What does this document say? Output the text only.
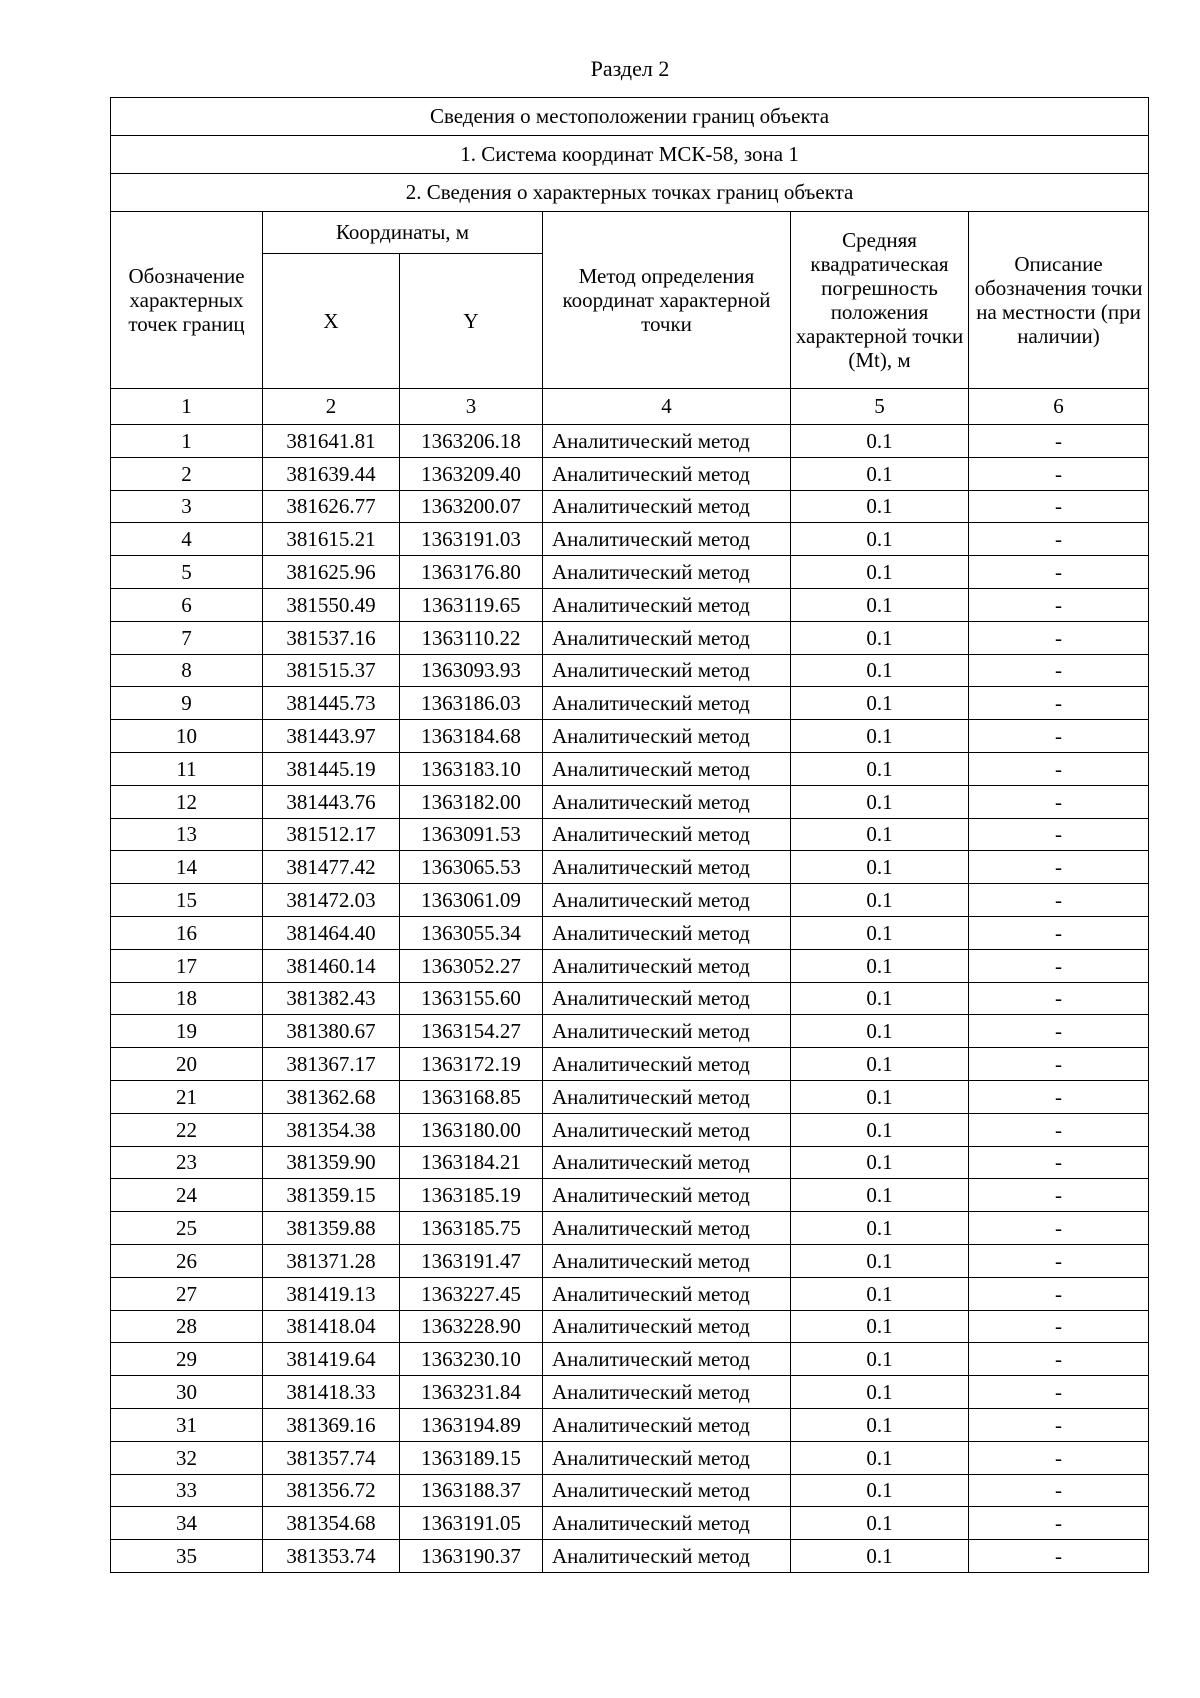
Раздел 2
Сведения о местоположении границ объекта					
1. Система координат МСК-58, зона 1					
2. Сведения о характерных точках границ объекта					
Обозначение характерных точек границ	Координаты, м		Метод определения координат характерной точки	Средняя квадратическая погрешность положения характерной точки (Mt), м	Описание обозначения точки на местности (при наличии)
	X	Y			
1	2	3	4	5	6
1	381641.81	1363206.18	Аналитический метод	0.1	-
2	381639.44	1363209.40	Аналитический метод	0.1	-
3	381626.77	1363200.07	Аналитический метод	0.1	-
4	381615.21	1363191.03	Аналитический метод	0.1	-
5	381625.96	1363176.80	Аналитический метод	0.1	-
6	381550.49	1363119.65	Аналитический метод	0.1	-
7	381537.16	1363110.22	Аналитический метод	0.1	-
8	381515.37	1363093.93	Аналитический метод	0.1	-
9	381445.73	1363186.03	Аналитический метод	0.1	-
10	381443.97	1363184.68	Аналитический метод	0.1	-
11	381445.19	1363183.10	Аналитический метод	0.1	-
12	381443.76	1363182.00	Аналитический метод	0.1	-
13	381512.17	1363091.53	Аналитический метод	0.1	-
14	381477.42	1363065.53	Аналитический метод	0.1	-
15	381472.03	1363061.09	Аналитический метод	0.1	-
16	381464.40	1363055.34	Аналитический метод	0.1	-
17	381460.14	1363052.27	Аналитический метод	0.1	-
18	381382.43	1363155.60	Аналитический метод	0.1	-
19	381380.67	1363154.27	Аналитический метод	0.1	-
20	381367.17	1363172.19	Аналитический метод	0.1	-
21	381362.68	1363168.85	Аналитический метод	0.1	-
22	381354.38	1363180.00	Аналитический метод	0.1	-
23	381359.90	1363184.21	Аналитический метод	0.1	-
24	381359.15	1363185.19	Аналитический метод	0.1	-
25	381359.88	1363185.75	Аналитический метод	0.1	-
26	381371.28	1363191.47	Аналитический метод	0.1	-
27	381419.13	1363227.45	Аналитический метод	0.1	-
28	381418.04	1363228.90	Аналитический метод	0.1	-
29	381419.64	1363230.10	Аналитический метод	0.1	-
30	381418.33	1363231.84	Аналитический метод	0.1	-
31	381369.16	1363194.89	Аналитический метод	0.1	-
32	381357.74	1363189.15	Аналитический метод	0.1	-
33	381356.72	1363188.37	Аналитический метод	0.1	-
34	381354.68	1363191.05	Аналитический метод	0.1	-
35	381353.74	1363190.37	Аналитический метод	0.1	-
